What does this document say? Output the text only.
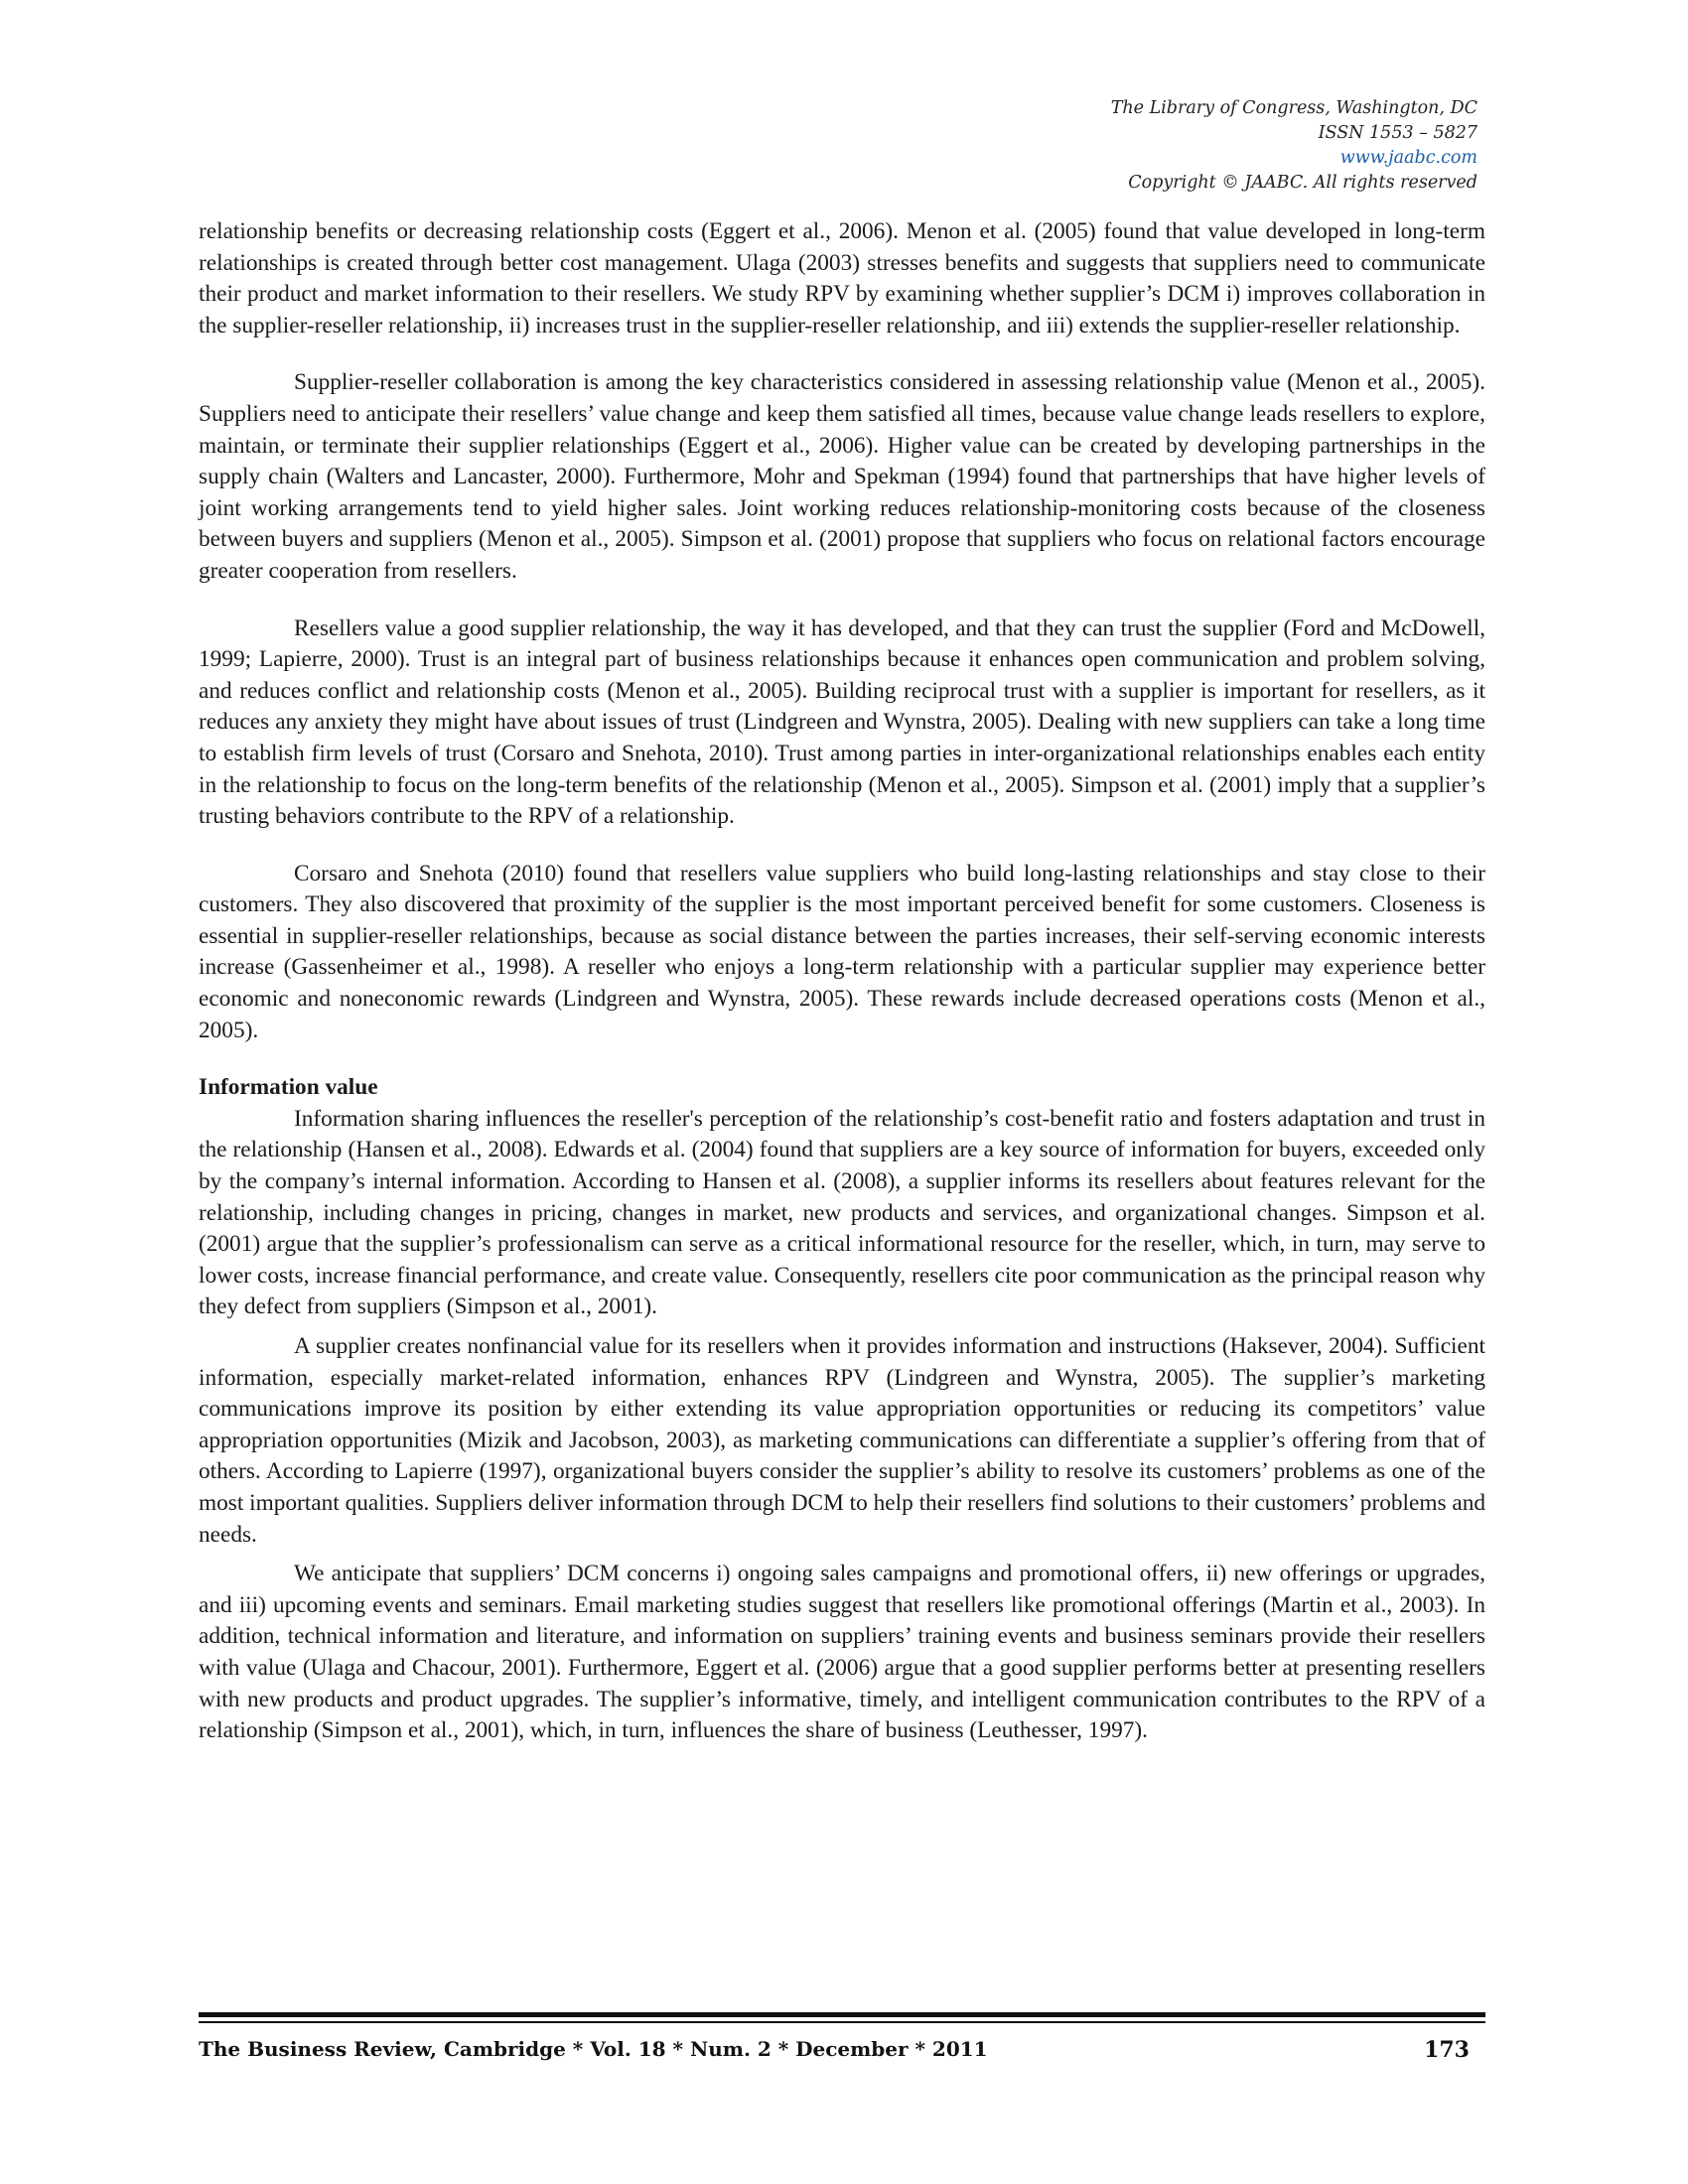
The Library of Congress, Washington, DC
ISSN 1553 – 5827
www.jaabc.com
Copyright © JAABC. All rights reserved

relationship benefits or decreasing relationship costs (Eggert et al., 2006). Menon et al. (2005) found that value developed in long-term relationships is created through better cost management. Ulaga (2003) stresses benefits and suggests that suppliers need to communicate their product and market information to their resellers. We study RPV by examining whether supplier’s DCM i) improves collaboration in the supplier-reseller relationship, ii) increases trust in the supplier-reseller relationship, and iii) extends the supplier-reseller relationship.

Supplier-reseller collaboration is among the key characteristics considered in assessing relationship value (Menon et al., 2005). Suppliers need to anticipate their resellers’ value change and keep them satisfied all times, because value change leads resellers to explore, maintain, or terminate their supplier relationships (Eggert et al., 2006). Higher value can be created by developing partnerships in the supply chain (Walters and Lancaster, 2000). Furthermore, Mohr and Spekman (1994) found that partnerships that have higher levels of joint working arrangements tend to yield higher sales. Joint working reduces relationship-monitoring costs because of the closeness between buyers and suppliers (Menon et al., 2005). Simpson et al. (2001) propose that suppliers who focus on relational factors encourage greater cooperation from resellers.

Resellers value a good supplier relationship, the way it has developed, and that they can trust the supplier (Ford and McDowell, 1999; Lapierre, 2000). Trust is an integral part of business relationships because it enhances open communication and problem solving, and reduces conflict and relationship costs (Menon et al., 2005). Building reciprocal trust with a supplier is important for resellers, as it reduces any anxiety they might have about issues of trust (Lindgreen and Wynstra, 2005). Dealing with new suppliers can take a long time to establish firm levels of trust (Corsaro and Snehota, 2010). Trust among parties in inter-organizational relationships enables each entity in the relationship to focus on the long-term benefits of the relationship (Menon et al., 2005). Simpson et al. (2001) imply that a supplier’s trusting behaviors contribute to the RPV of a relationship.

Corsaro and Snehota (2010) found that resellers value suppliers who build long-lasting relationships and stay close to their customers. They also discovered that proximity of the supplier is the most important perceived benefit for some customers. Closeness is essential in supplier-reseller relationships, because as social distance between the parties increases, their self-serving economic interests increase (Gassenheimer et al., 1998). A reseller who enjoys a long-term relationship with a particular supplier may experience better economic and noneconomic rewards (Lindgreen and Wynstra, 2005). These rewards include decreased operations costs (Menon et al., 2005).

Information value

Information sharing influences the reseller's perception of the relationship’s cost-benefit ratio and fosters adaptation and trust in the relationship (Hansen et al., 2008). Edwards et al. (2004) found that suppliers are a key source of information for buyers, exceeded only by the company’s internal information. According to Hansen et al. (2008), a supplier informs its resellers about features relevant for the relationship, including changes in pricing, changes in market, new products and services, and organizational changes. Simpson et al. (2001) argue that the supplier’s professionalism can serve as a critical informational resource for the reseller, which, in turn, may serve to lower costs, increase financial performance, and create value. Consequently, resellers cite poor communication as the principal reason why they defect from suppliers (Simpson et al., 2001).

A supplier creates nonfinancial value for its resellers when it provides information and instructions (Haksever, 2004). Sufficient information, especially market-related information, enhances RPV (Lindgreen and Wynstra, 2005). The supplier’s marketing communications improve its position by either extending its value appropriation opportunities or reducing its competitors’ value appropriation opportunities (Mizik and Jacobson, 2003), as marketing communications can differentiate a supplier’s offering from that of others. According to Lapierre (1997), organizational buyers consider the supplier’s ability to resolve its customers’ problems as one of the most important qualities. Suppliers deliver information through DCM to help their resellers find solutions to their customers’ problems and needs.

We anticipate that suppliers’ DCM concerns i) ongoing sales campaigns and promotional offers, ii) new offerings or upgrades, and iii) upcoming events and seminars. Email marketing studies suggest that resellers like promotional offerings (Martin et al., 2003). In addition, technical information and literature, and information on suppliers’ training events and business seminars provide their resellers with value (Ulaga and Chacour, 2001). Furthermore, Eggert et al. (2006) argue that a good supplier performs better at presenting resellers with new products and product upgrades. The supplier’s informative, timely, and intelligent communication contributes to the RPV of a relationship (Simpson et al., 2001), which, in turn, influences the share of business (Leuthesser, 1997).

The Business Review, Cambridge * Vol. 18 * Num. 2 * December * 2011	173
